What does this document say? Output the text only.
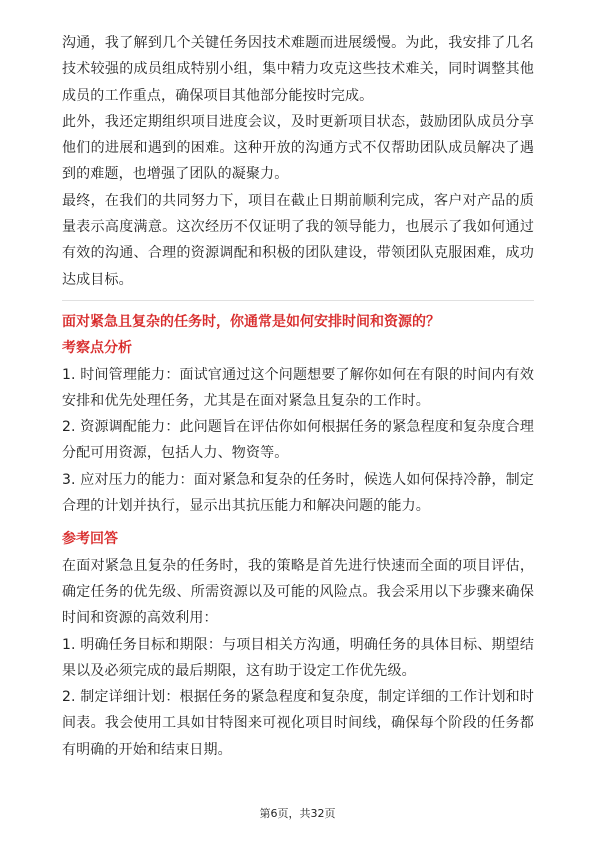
沟通，我了解到几个关键任务因技术难题而进展缓慢。为此，我安排了几名技术较强的成员组成特别小组，集中精力攻克这些技术难关，同时调整其他成员的工作重点，确保项目其他部分能按时完成。

此外，我还定期组织项目进度会议，及时更新项目状态，鼓励团队成员分享他们的进展和遇到的困难。这种开放的沟通方式不仅帮助团队成员解决了遇到的难题，也增强了团队的凝聚力。

最终，在我们的共同努力下，项目在截止日期前顺利完成，客户对产品的质量表示高度满意。这次经历不仅证明了我的领导能力，也展示了我如何通过有效的沟通、合理的资源调配和积极的团队建设，带领团队克服困难，成功达成目标。

面对紧急且复杂的任务时，你通常是如何安排时间和资源的？
考察点分析

1. 时间管理能力：面试官通过这个问题想要了解你如何在有限的时间内有效安排和优先处理任务，尤其是在面对紧急且复杂的工作时。

2. 资源调配能力：此问题旨在评估你如何根据任务的紧急程度和复杂度合理分配可用资源，包括人力、物资等。

3. 应对压力的能力：面对紧急和复杂的任务时，候选人如何保持冷静，制定合理的计划并执行，显示出其抗压能力和解决问题的能力。

参考回答

在面对紧急且复杂的任务时，我的策略是首先进行快速而全面的项目评估，确定任务的优先级、所需资源以及可能的风险点。我会采用以下步骤来确保时间和资源的高效利用：

1. 明确任务目标和期限：与项目相关方沟通，明确任务的具体目标、期望结果以及必须完成的最后期限，这有助于设定工作优先级。

2. 制定详细计划：根据任务的紧急程度和复杂度，制定详细的工作计划和时间表。我会使用工具如甘特图来可视化项目时间线，确保每个阶段的任务都有明确的开始和结束日期。

第6页，共32页
